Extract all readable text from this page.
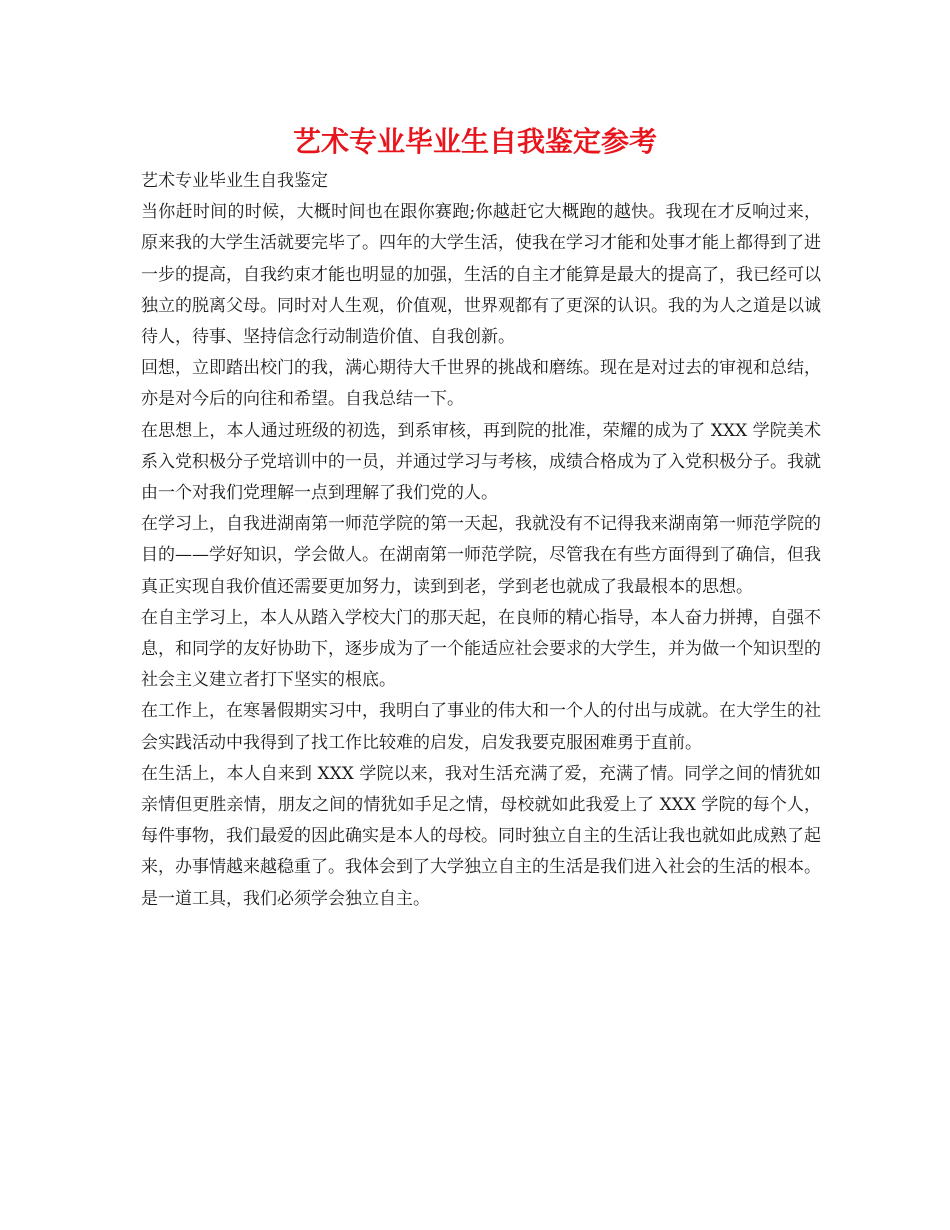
艺术专业毕业生自我鉴定参考

艺术专业毕业生自我鉴定

当你赶时间的时候，大概时间也在跟你赛跑;你越赶它大概跑的越快。我现在才反响过来，原来我的大学生活就要完毕了。四年的大学生活，使我在学习才能和处事才能上都得到了进一步的提高，自我约束才能也明显的加强，生活的自主才能算是最大的提高了，我已经可以独立的脱离父母。同时对人生观，价值观，世界观都有了更深的认识。我的为人之道是以诚待人，待事、坚持信念行动制造价值、自我创新。

回想，立即踏出校门的我，满心期待大千世界的挑战和磨练。现在是对过去的审视和总结，亦是对今后的向往和希望。自我总结一下。

在思想上，本人通过班级的初选，到系审核，再到院的批准，荣耀的成为了 XXX 学院美术系入党积极分子党培训中的一员，并通过学习与考核，成绩合格成为了入党积极分子。我就由一个对我们党理解一点到理解了我们党的人。

在学习上，自我进湖南第一师范学院的第一天起，我就没有不记得我来湖南第一师范学院的目的——学好知识，学会做人。在湖南第一师范学院，尽管我在有些方面得到了确信，但我真正实现自我价值还需要更加努力，读到到老，学到老也就成了我最根本的思想。

在自主学习上，本人从踏入学校大门的那天起，在良师的精心指导，本人奋力拼搏，自强不息，和同学的友好协助下，逐步成为了一个能适应社会要求的大学生，并为做一个知识型的社会主义建立者打下坚实的根底。

在工作上，在寒暑假期实习中，我明白了事业的伟大和一个人的付出与成就。在大学生的社会实践活动中我得到了找工作比较难的启发，启发我要克服困难勇于直前。

在生活上，本人自来到 XXX 学院以来，我对生活充满了爱，充满了情。同学之间的情犹如亲情但更胜亲情，朋友之间的情犹如手足之情，母校就如此我爱上了 XXX 学院的每个人，每件事物，我们最爱的因此确实是本人的母校。同时独立自主的生活让我也就如此成熟了起来，办事情越来越稳重了。我体会到了大学独立自主的生活是我们进入社会的生活的根本。是一道工具，我们必须学会独立自主。
